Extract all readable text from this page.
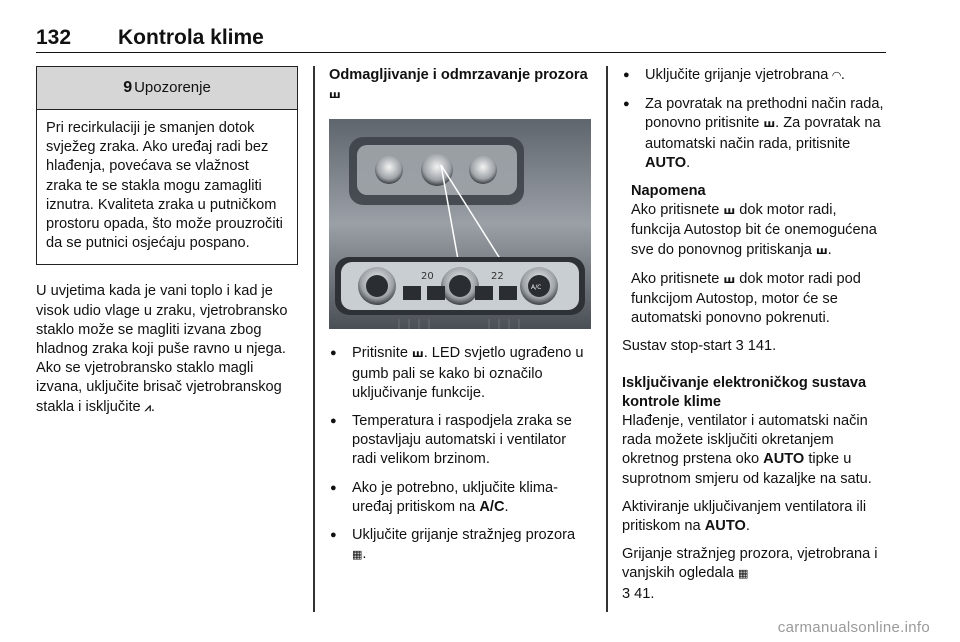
132 Kontrola klime
9 Upozorenje
Pri recirkulaciji je smanjen dotok svježeg zraka. Ako uređaj radi bez hlađenja, povećava se vlažnost zraka te se stakla mogu zamagliti iznutra. Kvaliteta zraka u putničkom prostoru opada, što može prouzročiti da se putnici osjećaju pospano.

U uvjetima kada je vani toplo i kad je visok udio vlage u zraku, vjetrobransko staklo može se magliti izvana zbog hladnog zraka koji puše ravno u njega. Ako se vjetrobransko staklo magli izvana, uključite brisač vjetrobranskog stakla i isključite ⩘.

Odmagljivanje i odmrzavanje prozora ꟺ

20	22
A/C
● Pritisnite ꟺ. LED svjetlo ugrađeno u gumb pali se kako bi označilo uključivanje funkcije.
● Temperatura i raspodjela zraka se postavljaju automatski i ventilator radi velikom brzinom.
● Ako je potrebno, uključite klima-uređaj pritiskom na A/C.
● Uključite grijanje stražnjeg prozora ▦.
● Uključite grijanje vjetrobrana ◠.
● Za povratak na prethodni način rada, ponovno pritisnite ꟺ. Za povratak na automatski način rada, pritisnite AUTO.

Napomena

Ako pritisnete ꟺ dok motor radi, funkcija Autostop bit će onemogućena sve do ponovnog pritiskanja ꟺ.

Ako pritisnete ꟺ dok motor radi pod funkcijom Autostop, motor će se automatski ponovno pokrenuti.

Sustav stop-start 3 141.

Isključivanje elektroničkog sustava kontrole klime

Hlađenje, ventilator i automatski način rada možete isključiti okretanjem okretnog prstena oko AUTO tipke u suprotnom smjeru od kazaljke na satu.

Aktiviranje uključivanjem ventilatora ili pritiskom na AUTO.

Grijanje stražnjeg prozora, vjetrobrana i vanjskih ogledala ▦
3 41.

carmanualsonline.info
